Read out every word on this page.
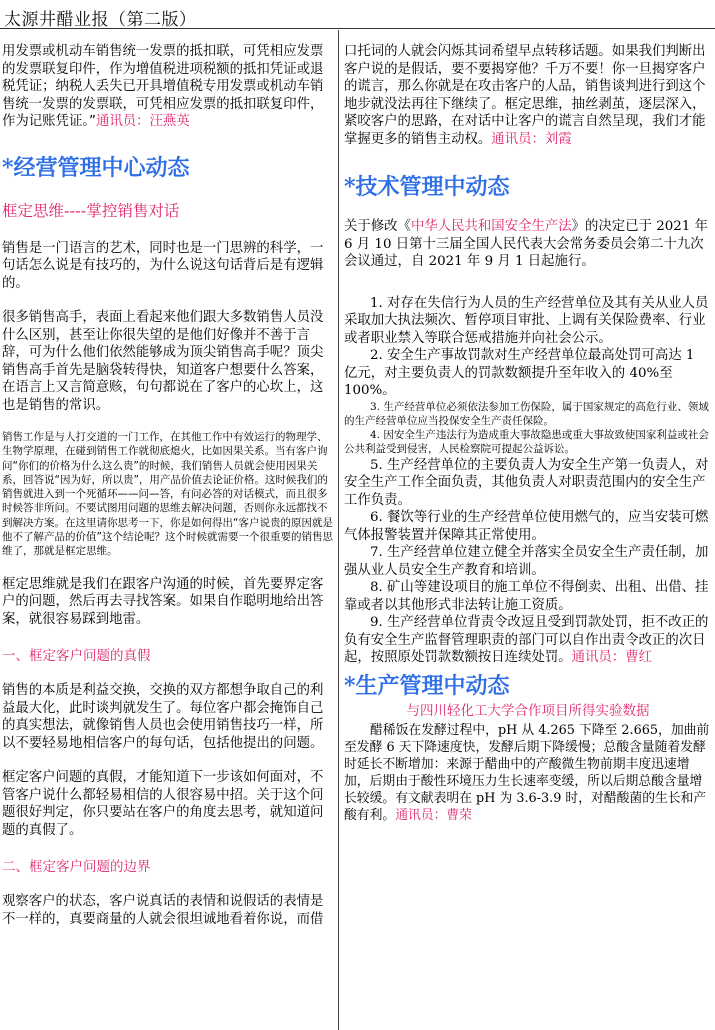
太源井醋业报（第二版）

用发票或机动车销售统一发票的抵扣联，可凭相应发票的发票联复印件，作为增值税进项税额的抵扣凭证或退税凭证；纳税人丢失已开具增值税专用发票或机动车销售统一发票的发票联，可凭相应发票的抵扣联复印件，作为记账凭证。”通讯员：汪燕英

*经营管理中心动态
框定思维----掌控销售对话

销售是一门语言的艺术，同时也是一门思辨的科学，一句话怎么说是有技巧的，为什么说这句话背后是有逻辑的。

很多销售高手，表面上看起来他们跟大多数销售人员没什么区别，甚至让你很失望的是他们好像并不善于言辞，可为什么他们依然能够成为顶尖销售高手呢？顶尖销售高手首先是脑袋转得快，知道客户想要什么答案，在语言上又言简意赅，句句都说在了客户的心坎上，这也是销售的常识。

销售工作是与人打交道的一门工作，在其他工作中有效运行的物理学、生物学原理，在碰到销售工作就彻底熄火，比如因果关系。当有客户询问“你们的价格为什么这么贵”的时候，我们销售人员就会使用因果关系，回答说“因为好，所以贵”，用产品价值去论证价格。这时候我们的销售就进入到一个死循环——问—答，有问必答的对话模式，而且很多时候答非所问。不要试图用问题的思维去解决问题，否则你永远都找不到解决方案。在这里请你思考一下，你是如何得出“客户说贵的原因就是他不了解产品的价值”这个结论呢？这个时候就需要一个很重要的销售思维了，那就是框定思维。

框定思维就是我们在跟客户沟通的时候，首先要界定客户的问题，然后再去寻找答案。如果自作聪明地给出答案，就很容易踩到地雷。

一、框定客户问题的真假

销售的本质是利益交换，交换的双方都想争取自己的利益最大化，此时谈判就发生了。每位客户都会掩饰自己的真实想法，就像销售人员也会使用销售技巧一样，所以不要轻易地相信客户的每句话，包括他提出的问题。

框定客户问题的真假，才能知道下一步该如何面对，不管客户说什么都轻易相信的人很容易中招。关于这个问题很好判定，你只要站在客户的角度去思考，就知道问题的真假了。

二、框定客户问题的边界

观察客户的状态，客户说真话的表情和说假话的表情是不一样的，真要商量的人就会很坦诚地看着你说，而借

口托词的人就会闪烁其词希望早点转移话题。如果我们判断出客户说的是假话，要不要揭穿他？千万不要！你一旦揭穿客户的谎言，那么你就是在攻击客户的人品，销售谈判进行到这个地步就没法再往下继续了。框定思维，抽丝剥茧，逐层深入，紧咬客户的思路，在对话中让客户的谎言自然呈现，我们才能掌握更多的销售主动权。通讯员：刘霞

*技术管理中动态

关于修改《中华人民共和国安全生产法》的决定已于 2021 年 6 月 10 日第十三届全国人民代表大会常务委员会第二十九次会议通过，自 2021 年 9 月 1 日起施行。

1. 对存在失信行为人员的生产经营单位及其有关从业人员采取加大执法频次、暂停项目审批、上调有关保险费率、行业或者职业禁入等联合惩戒措施并向社会公示。

2. 安全生产事故罚款对生产经营单位最高处罚可高达 1 亿元，对主要负责人的罚款数额提升至年收入的 40%至 100%。

3. 生产经营单位必须依法参加工伤保险，属于国家规定的高危行业、领域的生产经营单位应当投保安全生产责任保险。

4. 因安全生产违法行为造成重大事故隐患或重大事故致使国家利益或社会公共利益受到侵害，人民检察院可提起公益诉讼。

5. 生产经营单位的主要负责人为安全生产第一负责人，对安全生产工作全面负责，其他负责人对职责范围内的安全生产工作负责。

6. 餐饮等行业的生产经营单位使用燃气的，应当安装可燃气体报警装置并保障其正常使用。

7. 生产经营单位建立健全并落实全员安全生产责任制，加强从业人员安全生产教育和培训。

8. 矿山等建设项目的施工单位不得倒卖、出租、出借、挂靠或者以其他形式非法转让施工资质。

9. 生产经营单位背责令改逗且受到罚款处罚，拒不改正的负有安全生产监督管理职责的部门可以自作出责令改正的次日起，按照原处罚款数额按日连续处罚。通讯员：曹红

*生产管理中动态
与四川轻化工大学合作项目所得实验数据

醋稀饭在发酵过程中，pH 从 4.265 下降至 2.665，加曲前至发酵 6 天下降速度快，发酵后期下降缓慢；总酸含量随着发酵时延长不断增加：来源于醋曲中的产酸微生物前期丰度迅速增加，后期由于酸性环境压力生长速率变缓，所以后期总酸含量增长较缓。有文献表明在 pH 为 3.6-3.9 时，对醋酸菌的生长和产酸有利。通讯员：曹荣
